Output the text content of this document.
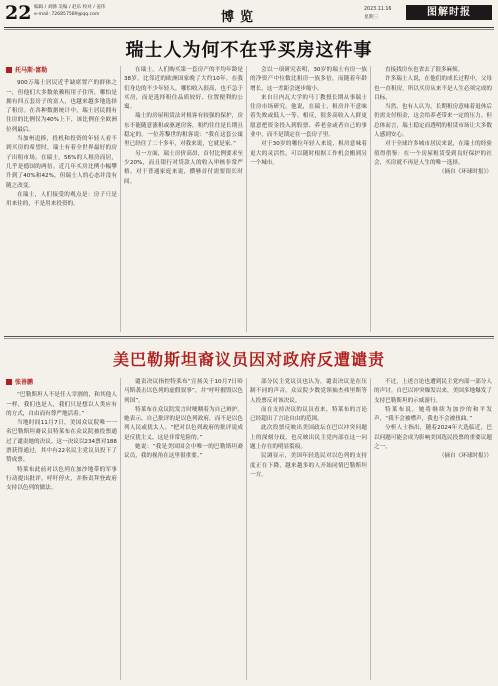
22 编辑 / 刘腾 美编 / 赵乐 校对 / 姜伟
e-mail: 726857589@qq.com	博览
2023.11.16
星期三	图解时报
瑞士人为何不在乎买房这件事
托马斯·富勒

900万瑞士居民近乎缺席置产的群体之一，但他们大多数依赖租用子住所，哪怕是拥有四五套房子的富人，也越来越多地选择了租房。在各种数据统计中，瑞士居民拥有住房的比例仅为40%上下，该比例在全欧洲位列最后。

当加州追捧，投机和投资的年轻人看不到买房的希望时，瑞士有着全世界最好的房子出租市场。在瑞士，56%的人租房而居，几乎是德国的两倍。近几年买房比例小幅攀升到了40%和42%，但瑞士人的心态并没有随之改变。

在瑞士，人们接受的观点是：房子只是用来住的，不是用来投资的。

在瑞士，人们购买第一套房产的平均年龄是38岁，比邻近的欧洲国家晚了大约10年。在我们身边的不少年轻人，哪怕收入很高，也不急于买房，而是选择租住品质较好、位置便利的公寓。

瑞士的房屋租赁法对租客有较强的保护，房东不能随意涨租或驱逐房客，租约往往是长期且稳定的。一位苏黎世的租客说：“我在这套公寓里已经住了二十多年，对我来说，它就是家。”

另一方面，瑞士房价高昂，首付比例要求至少20%，而且银行对贷款人的收入审核非常严格。对于普通家庭来说，攒够首付需要很长时间。

会以一项研究表明，30岁的瑞士有房一族的净资产中位数比租房一族多倍，而随着年龄增长，这一差距会逐步缩小。

来自日内瓦大学的马丁教授长期从事瑞士住房市场研究。他说，在瑞士，租房并不意味着失败或低人一等。相反，很多高收入人群更愿意把资金投入到股票、养老金或者自己的事业中，而不是锁定在一套房子里。

对于30岁的哪位年轻人来说，租房意味着更大的灵活性，可以随时根据工作机会搬到另一个城市。

直接找房东也省去了很多麻烦。

许多瑞士人说，在他们的成长过程中，父母也一直租房，所以买房从来不是人生必须完成的目标。

当然，也有人认为，长期租房意味着退休后仍需支付租金，这会给养老带来一定的压力。但总体而言，瑞士稳定而透明的租赁市场让大多数人感到安心。

对于全球许多城市居民来说，在瑞士的经验值得借鉴：在一个房屋租赁受到良好保护的社会，买房就不再是人生的唯一选择。

（摘自《环球时报》）

美巴勒斯坦裔议员因对政府反遭谴责
张善鹏

“巴勒斯坦人不是任人宰割的，和其他人一样，我们也是人，我们只是想以人类应有的方式，自由而有尊严地活着。”

当地时间11月7日，美国众议院唯一一名巴勒斯坦裔议员特莱布在众议院被投票通过了谴责她的决议。这一决议以234票对188票获得通过，其中有22名民主党议员投下了赞成票。

特莱布此前对以色列在加沙地带的军事行动提出批评，呼吁停火，并指责拜登政府支持以色列的做法。

谴责决议指控特莱布“宣扬关于10月7日哈马斯袭击以色列的虚假叙事”，并“呼吁摧毁以色列国”。

特莱布在众议院发言时哽咽着为自己辩护。她表示，自己批评的是以色列政府，而不是以色列人民或犹太人。“把对以色列政府的批评说成是反犹主义，这是非常危险的。”

她说：“我是美国国会中唯一的巴勒斯坦裔议员，我的视角在这里很重要。”

部分民主党议员也认为，谴责决议是在压制不同的声音。众议院少数党领袖杰弗里斯等人投票反对该决议。

而在支持决议的议员看来，特莱布的言论已经超出了言论自由的范围。

此次投票反映出美国政坛在巴以冲突问题上的深刻分歧，也反映出民主党内部在这一问题上存在的明显裂痕。

民调显示，美国年轻选民对以色列的支持度正在下降，越来越多的人开始同情巴勒斯坦一方。

不过，上述言论也遭到民主党内部一部分人的声讨。自巴以冲突爆发以来，美国多地爆发了支持巴勒斯坦的示威游行。

特莱布说，她将继续为加沙的和平发声，“我不会被噤声，我也不会被扭曲。”

分析人士指出，随着2024年大选临近，巴以问题可能会成为影响美国选民投票的重要议题之一。

（摘自《环球时报》）
